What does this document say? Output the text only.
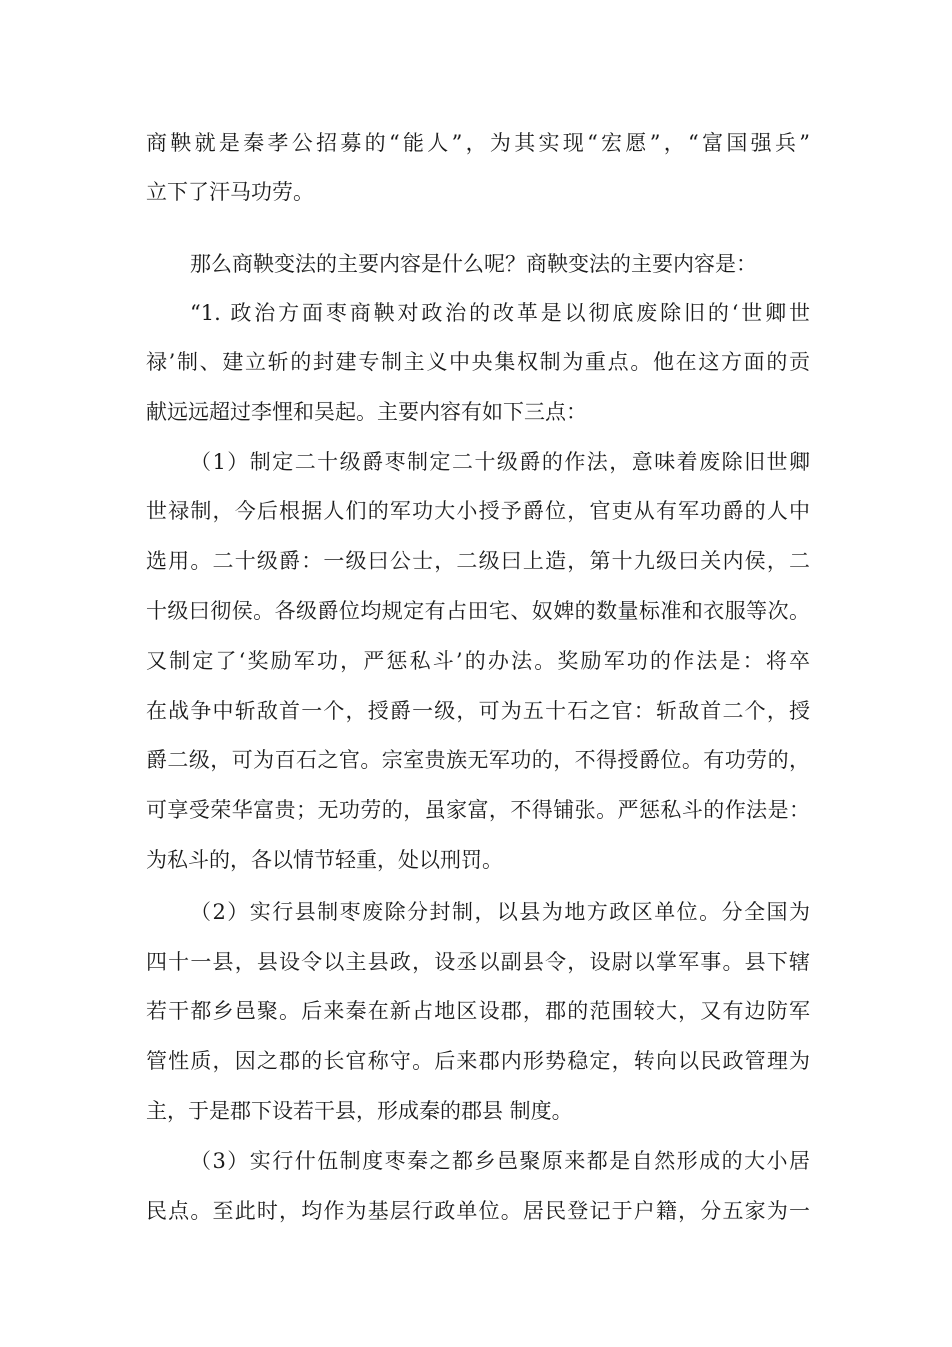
商鞅就是秦孝公招募的“能人”，为其实现“宏愿”，“富国强兵”
立下了汗马功劳。
那么商鞅变法的主要内容是什么呢？商鞅变法的主要内容是：
“1. 政治方面枣商鞅对政治的改革是以彻底废除旧的‘世卿世
禄’制、建立斩的封建专制主义中央集权制为重点。他在这方面的贡
献远远超过李悝和吴起。主要内容有如下三点：
（1）制定二十级爵枣制定二十级爵的作法，意味着废除旧世卿
世禄制，今后根据人们的军功大小授予爵位，官吏从有军功爵的人中
选用。二十级爵：一级曰公士，二级曰上造，第十九级曰关内侯，二
十级曰彻侯。各级爵位均规定有占田宅、奴婢的数量标准和衣服等次。
又制定了‘奖励军功，严惩私斗’的办法。奖励军功的作法是：将卒
在战争中斩敌首一个，授爵一级，可为五十石之官：斩敌首二个，授
爵二级，可为百石之官。宗室贵族无军功的，不得授爵位。有功劳的，
可享受荣华富贵；无功劳的，虽家富，不得铺张。严惩私斗的作法是：
为私斗的，各以情节轻重，处以刑罚。
（2）实行县制枣废除分封制，以县为地方政区单位。分全国为
四十一县，县设令以主县政，设丞以副县令，设尉以掌军事。县下辖
若干都乡邑聚。后来秦在新占地区设郡，郡的范围较大，又有边防军
管性质，因之郡的长官称守。后来郡内形势稳定，转向以民政管理为
主，于是郡下设若干县，形成秦的郡县 制度。
（3）实行什伍制度枣秦之都乡邑聚原来都是自然形成的大小居
民点。至此时，均作为基层行政单位。居民登记于户籍，分五家为一
